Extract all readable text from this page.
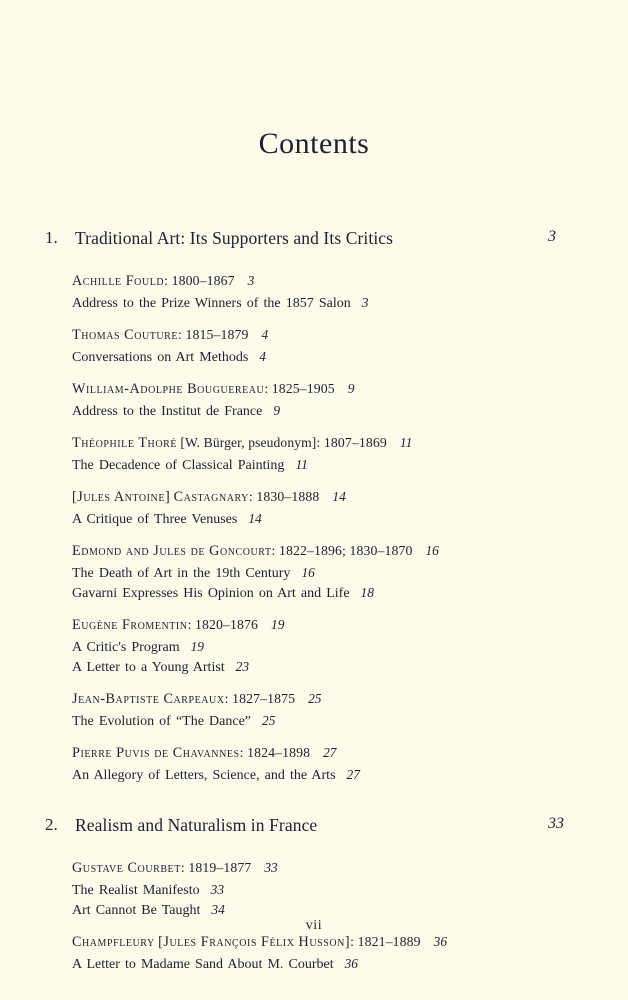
Contents
1. Traditional Art: Its Supporters and Its Critics	3
Achille Fould: 1800–1867 3
Address to the Prize Winners of the 1857 Salon 3
Thomas Couture: 1815–1879 4
Conversations on Art Methods 4
William-Adolphe Bouguereau: 1825–1905 9
Address to the Institut de France 9
Théophile Thoré [W. Bürger, pseudonym]: 1807–1869 11
The Decadence of Classical Painting 11
[Jules Antoine] Castagnary: 1830–1888 14
A Critique of Three Venuses 14
Edmond and Jules de Goncourt: 1822–1896; 1830–1870 16
The Death of Art in the 19th Century 16
Gavarni Expresses His Opinion on Art and Life 18
Eugène Fromentin: 1820–1876 19
A Critic's Program 19
A Letter to a Young Artist 23
Jean-Baptiste Carpeaux: 1827–1875 25
The Evolution of “The Dance” 25
Pierre Puvis de Chavannes: 1824–1898 27
An Allegory of Letters, Science, and the Arts 27
2. Realism and Naturalism in France	33
Gustave Courbet: 1819–1877 33
The Realist Manifesto 33
Art Cannot Be Taught 34
Champfleury [Jules François Félix Husson]: 1821–1889 36
A Letter to Madame Sand About M. Courbet 36
vii
